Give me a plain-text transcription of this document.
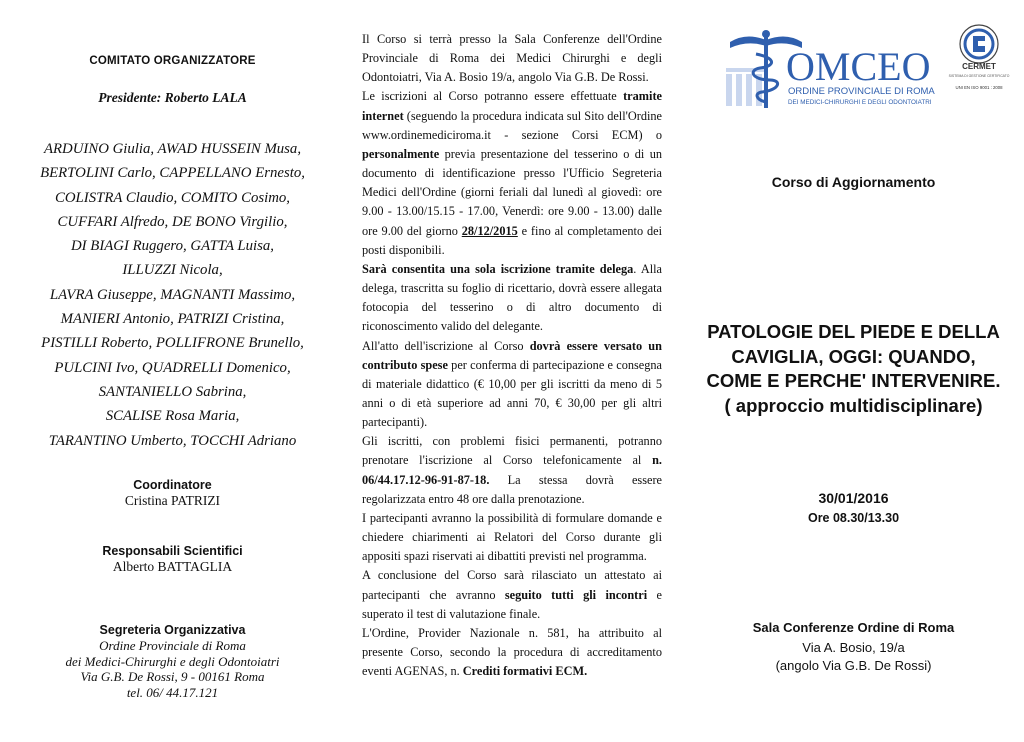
COMITATO ORGANIZZATORE
Presidente: Roberto LALA
ARDUINO Giulia, AWAD HUSSEIN Musa,
BERTOLINI Carlo, CAPPELLANO Ernesto,
COLISTRA Claudio, COMITO Cosimo,
CUFFARI Alfredo, DE BONO Virgilio,
DI BIAGI Ruggero, GATTA Luisa,
ILLUZZI Nicola,
LAVRA Giuseppe, MAGNANTI Massimo,
MANIERI Antonio, PATRIZI Cristina,
PISTILLI Roberto, POLLIFRONE Brunello,
PULCINI Ivo, QUADRELLI Domenico,
SANTANIELLO Sabrina,
SCALISE Rosa Maria,
TARANTINO Umberto, TOCCHI Adriano
Coordinatore
Cristina PATRIZI
Responsabili Scientifici
Alberto BATTAGLIA
Segreteria Organizzativa
Ordine Provinciale di Roma
dei Medici-Chirurghi e degli Odontoiatri
Via G.B. De Rossi, 9 - 00161 Roma
tel. 06/ 44.17.121

Il Corso si terrà presso la Sala Conferenze dell'Ordine Provinciale di Roma dei Medici Chirurghi e degli Odontoiatri, Via A. Bosio 19/a, angolo Via G.B. De Rossi.

Le iscrizioni al Corso potranno essere effettuate tramite internet (seguendo la procedura indicata sul Sito dell'Ordine www.ordinemediciroma.it - sezione Corsi ECM) o personalmente previa presentazione del tesserino o di un documento di identificazione presso l'Ufficio Segreteria Medici dell'Ordine (giorni feriali dal lunedì al giovedì: ore 9.00 - 13.00/15.15 - 17.00, Venerdì: ore 9.00 - 13.00) dalle ore 9.00 del giorno 28/12/2015 e fino al completamento dei posti disponibili.

Sarà consentita una sola iscrizione tramite delega. Alla delega, trascritta su foglio di ricettario, dovrà essere allegata fotocopia del tesserino o di altro documento di riconoscimento valido del delegante.

All'atto dell'iscrizione al Corso dovrà essere versato un contributo spese per conferma di partecipazione e consegna di materiale didattico (€ 10,00 per gli iscritti da meno di 5 anni o di età superiore ad anni 70, € 30,00 per gli altri partecipanti).

Gli iscritti, con problemi fisici permanenti, potranno prenotare l'iscrizione al Corso telefonicamente al n. 06/44.17.12-96-91-87-18. La stessa dovrà essere regolarizzata entro 48 ore dalla prenotazione.

I partecipanti avranno la possibilità di formulare domande e chiedere chiarimenti ai Relatori del Corso durante gli appositi spazi riservati ai dibattiti previsti nel programma.

A conclusione del Corso sarà rilasciato un attestato ai partecipanti che avranno seguito tutti gli incontri e superato il test di valutazione finale.

L'Ordine, Provider Nazionale n. 581, ha attribuito al presente Corso, secondo la procedura di accreditamento eventi AGENAS, n. Crediti formativi ECM.

OMCEO
ORDINE PROVINCIALE DI ROMA
DEI MEDICI-CHIRURGHI E DEGLI ODONTOIATRI
CERMET
SISTEMA DI GESTIONE CERTIFICATO
UNI EN ISO 9001 : 2008
Corso di Aggiornamento
PATOLOGIE DEL PIEDE E DELLA
CAVIGLIA, OGGI: QUANDO,
COME E PERCHE' INTERVENIRE.
( approccio multidisciplinare)
30/01/2016
Ore 08.30/13.30
Sala Conferenze Ordine di Roma
Via A. Bosio, 19/a
(angolo Via G.B. De Rossi)
